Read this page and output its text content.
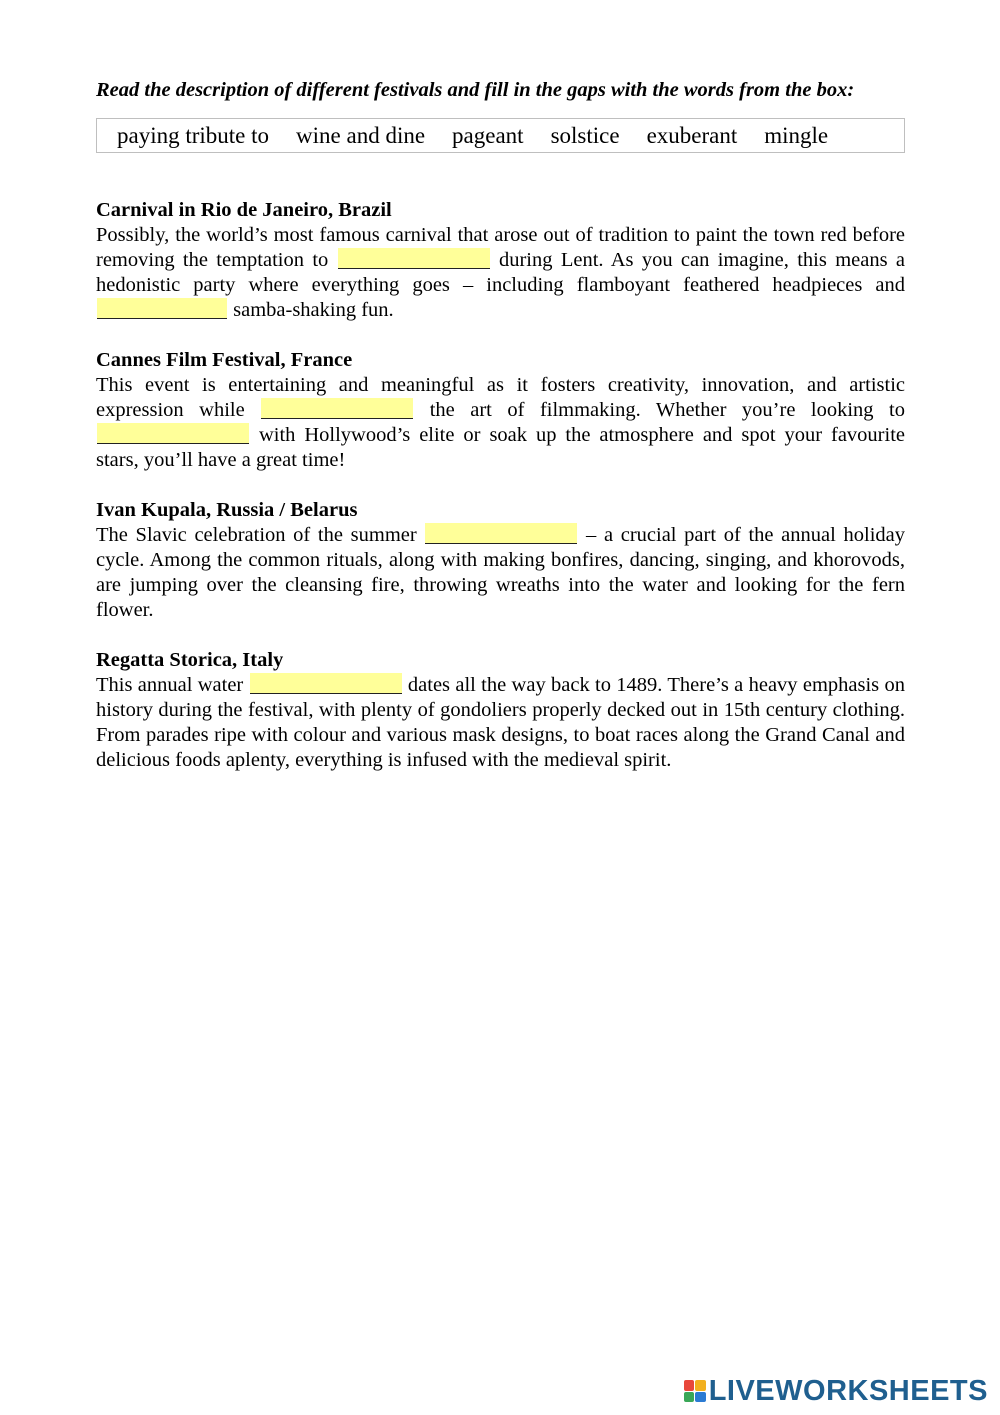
Read the description of different festivals and fill in the gaps with the words from the box:

paying tribute to wine and dine pageant solstice exuberant mingle
Carnival in Rio de Janeiro, Brazil

Possibly, the world’s most famous carnival that arose out of tradition to paint the town red before removing the temptation to	during Lent. As you can imagine, this means a hedonistic party where everything goes – including flamboyant feathered headpieces and  samba-shaking fun.

Cannes Film Festival, France

This event is entertaining and meaningful as it fosters creativity, innovation, and artistic expression while	the art of filmmaking. Whether you’re looking to  with Hollywood’s elite or soak up the atmosphere and spot your favourite stars, you’ll have a great time!

Ivan Kupala, Russia / Belarus

The Slavic celebration of the summer	– a crucial part of the annual holiday cycle. Among the common rituals, along with making bonfires, dancing, singing, and khorovods, are jumping over the cleansing fire, throwing wreaths into the water and looking for the fern flower.

Regatta Storica, Italy

This annual water	dates all the way back to 1489. There’s a heavy emphasis on history during the festival, with plenty of gondoliers properly decked out in 15th century clothing. From parades ripe with colour and various mask designs, to boat races along the Grand Canal and delicious foods aplenty, everything is infused with the medieval spirit.

LIVEWORKSHEETS
